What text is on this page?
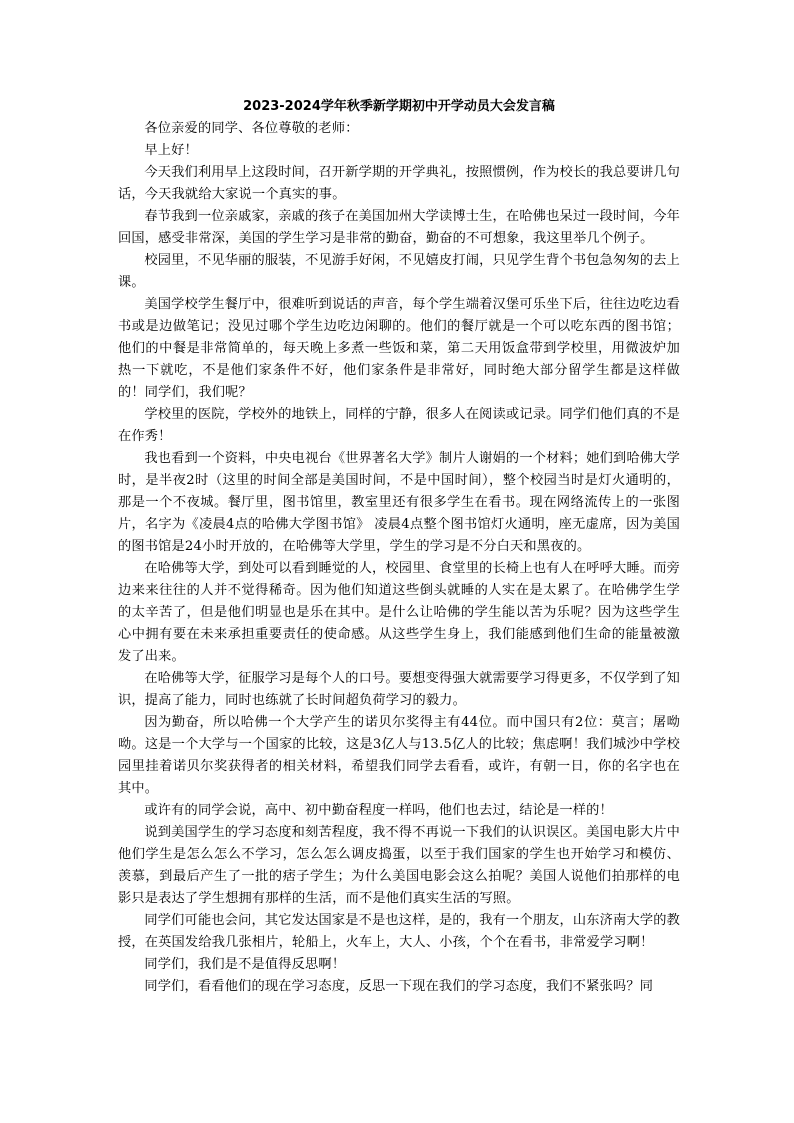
2023-2024学年秋季新学期初中开学动员大会发言稿

各位亲爱的同学、各位尊敬的老师：

早上好！

今天我们利用早上这段时间，召开新学期的开学典礼，按照惯例，作为校长的我总要讲几句话，今天我就给大家说一个真实的事。

春节我到一位亲戚家，亲戚的孩子在美国加州大学读博士生，在哈佛也呆过一段时间，今年回国，感受非常深，美国的学生学习是非常的勤奋，勤奋的不可想象，我这里举几个例子。

校园里，不见华丽的服装，不见游手好闲，不见嬉皮打闹，只见学生背个书包急匆匆的去上课。

美国学校学生餐厅中，很难听到说话的声音，每个学生端着汉堡可乐坐下后，往往边吃边看书或是边做笔记；没见过哪个学生边吃边闲聊的。他们的餐厅就是一个可以吃东西的图书馆；他们的中餐是非常简单的，每天晚上多煮一些饭和菜，第二天用饭盒带到学校里，用微波炉加热一下就吃，不是他们家条件不好，他们家条件是非常好，同时绝大部分留学生都是这样做的！同学们，我们呢？

学校里的医院，学校外的地铁上，同样的宁静，很多人在阅读或记录。同学们他们真的不是在作秀！

我也看到一个资料，中央电视台《世界著名大学》制片人谢娟的一个材料；她们到哈佛大学时，是半夜2时（这里的时间全部是美国时间，不是中国时间），整个校园当时是灯火通明的，那是一个不夜城。餐厅里，图书馆里，教室里还有很多学生在看书。现在网络流传上的一张图片，名字为《凌晨4点的哈佛大学图书馆》 凌晨4点整个图书馆灯火通明，座无虚席，因为美国的图书馆是24小时开放的，在哈佛等大学里，学生的学习是不分白天和黑夜的。

在哈佛等大学，到处可以看到睡觉的人，校园里、食堂里的长椅上也有人在呼呼大睡。而旁边来来往往的人并不觉得稀奇。因为他们知道这些倒头就睡的人实在是太累了。在哈佛学生学的太辛苦了，但是他们明显也是乐在其中。是什么让哈佛的学生能以苦为乐呢？因为这些学生心中拥有要在未来承担重要责任的使命感。从这些学生身上，我们能感到他们生命的能量被激发了出来。

在哈佛等大学，征服学习是每个人的口号。要想变得强大就需要学习得更多，不仅学到了知识，提高了能力，同时也练就了长时间超负荷学习的毅力。

因为勤奋，所以哈佛一个大学产生的诺贝尔奖得主有44位。而中国只有2位：莫言；屠呦呦。这是一个大学与一个国家的比较，这是3亿人与13.5亿人的比较；焦虑啊！我们城沙中学校园里挂着诺贝尔奖获得者的相关材料，希望我们同学去看看，或许，有朝一日，你的名字也在其中。

或许有的同学会说，高中、初中勤奋程度一样吗，他们也去过，结论是一样的！

说到美国学生的学习态度和刻苦程度，我不得不再说一下我们的认识误区。美国电影大片中他们学生是怎么怎么不学习，怎么怎么调皮捣蛋，以至于我们国家的学生也开始学习和模仿、羡慕，到最后产生了一批的痞子学生；为什么美国电影会这么拍呢？美国人说他们拍那样的电影只是表达了学生想拥有那样的生活，而不是他们真实生活的写照。

同学们可能也会问，其它发达国家是不是也这样，是的，我有一个朋友，山东济南大学的教授，在英国发给我几张相片，轮船上，火车上，大人、小孩，个个在看书，非常爱学习啊！

同学们，我们是不是值得反思啊！

同学们，看看他们的现在学习态度，反思一下现在我们的学习态度，我们不紧张吗？同
